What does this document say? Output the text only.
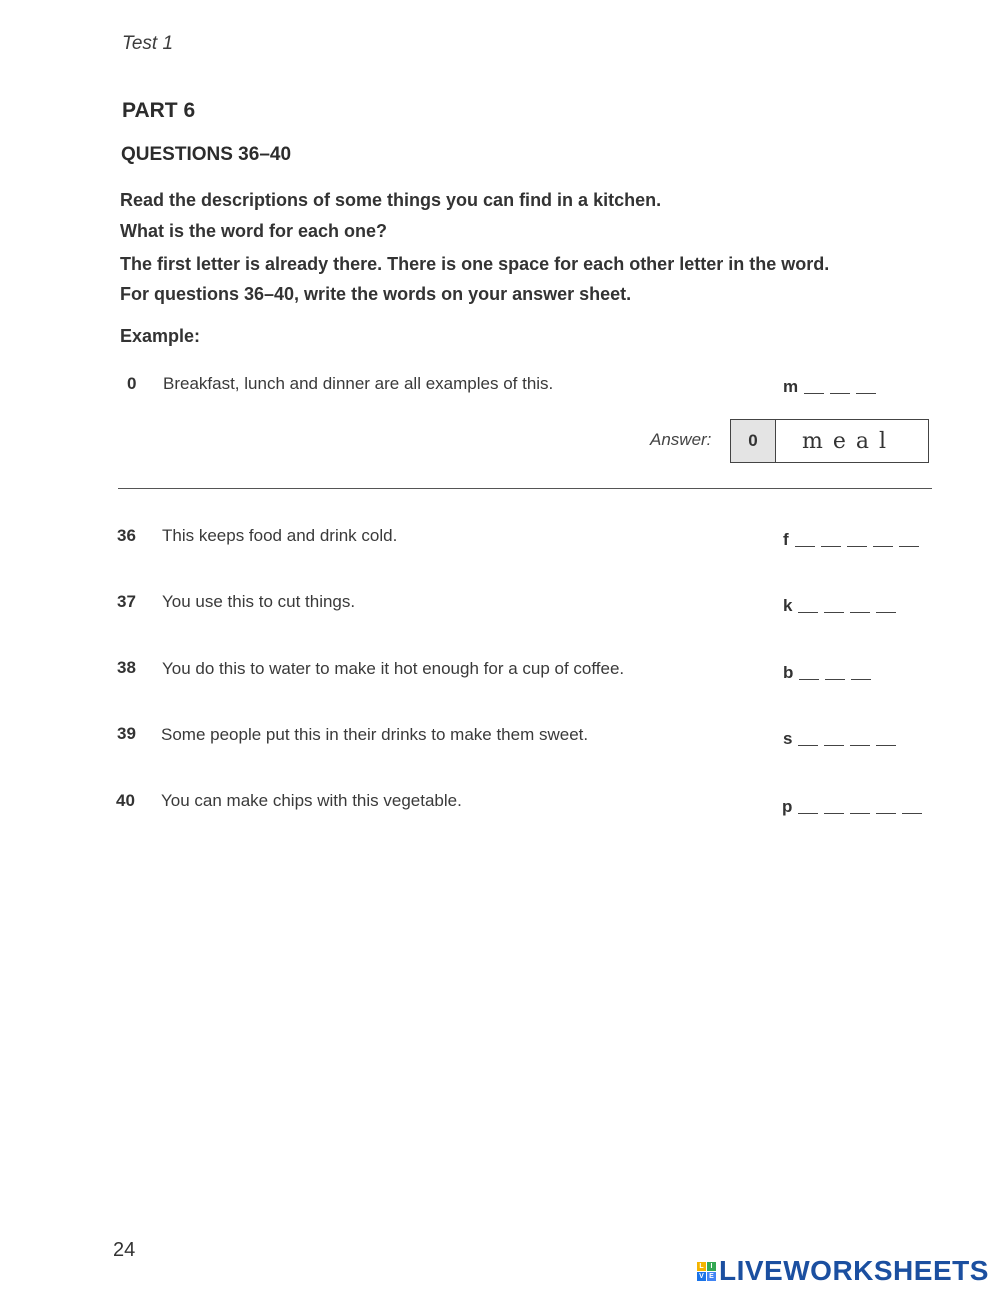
Test 1
PART 6
QUESTIONS 36–40
Read the descriptions of some things you can find in a kitchen.
What is the word for each one?
The first letter is already there. There is one space for each other letter in the word.
For questions 36–40, write the words on your answer sheet.
Example:
0 Breakfast, lunch and dinner are all examples of this.	m
Answer:	0	meal
36 This keeps food and drink cold.	f
37 You use this to cut things.	k
38 You do this to water to make it hot enough for a cup of coffee.	b
39 Some people put this in their drinks to make them sweet.	s
40 You can make chips with this vegetable.	p
24
L I
V E LIVEWORKSHEETS
